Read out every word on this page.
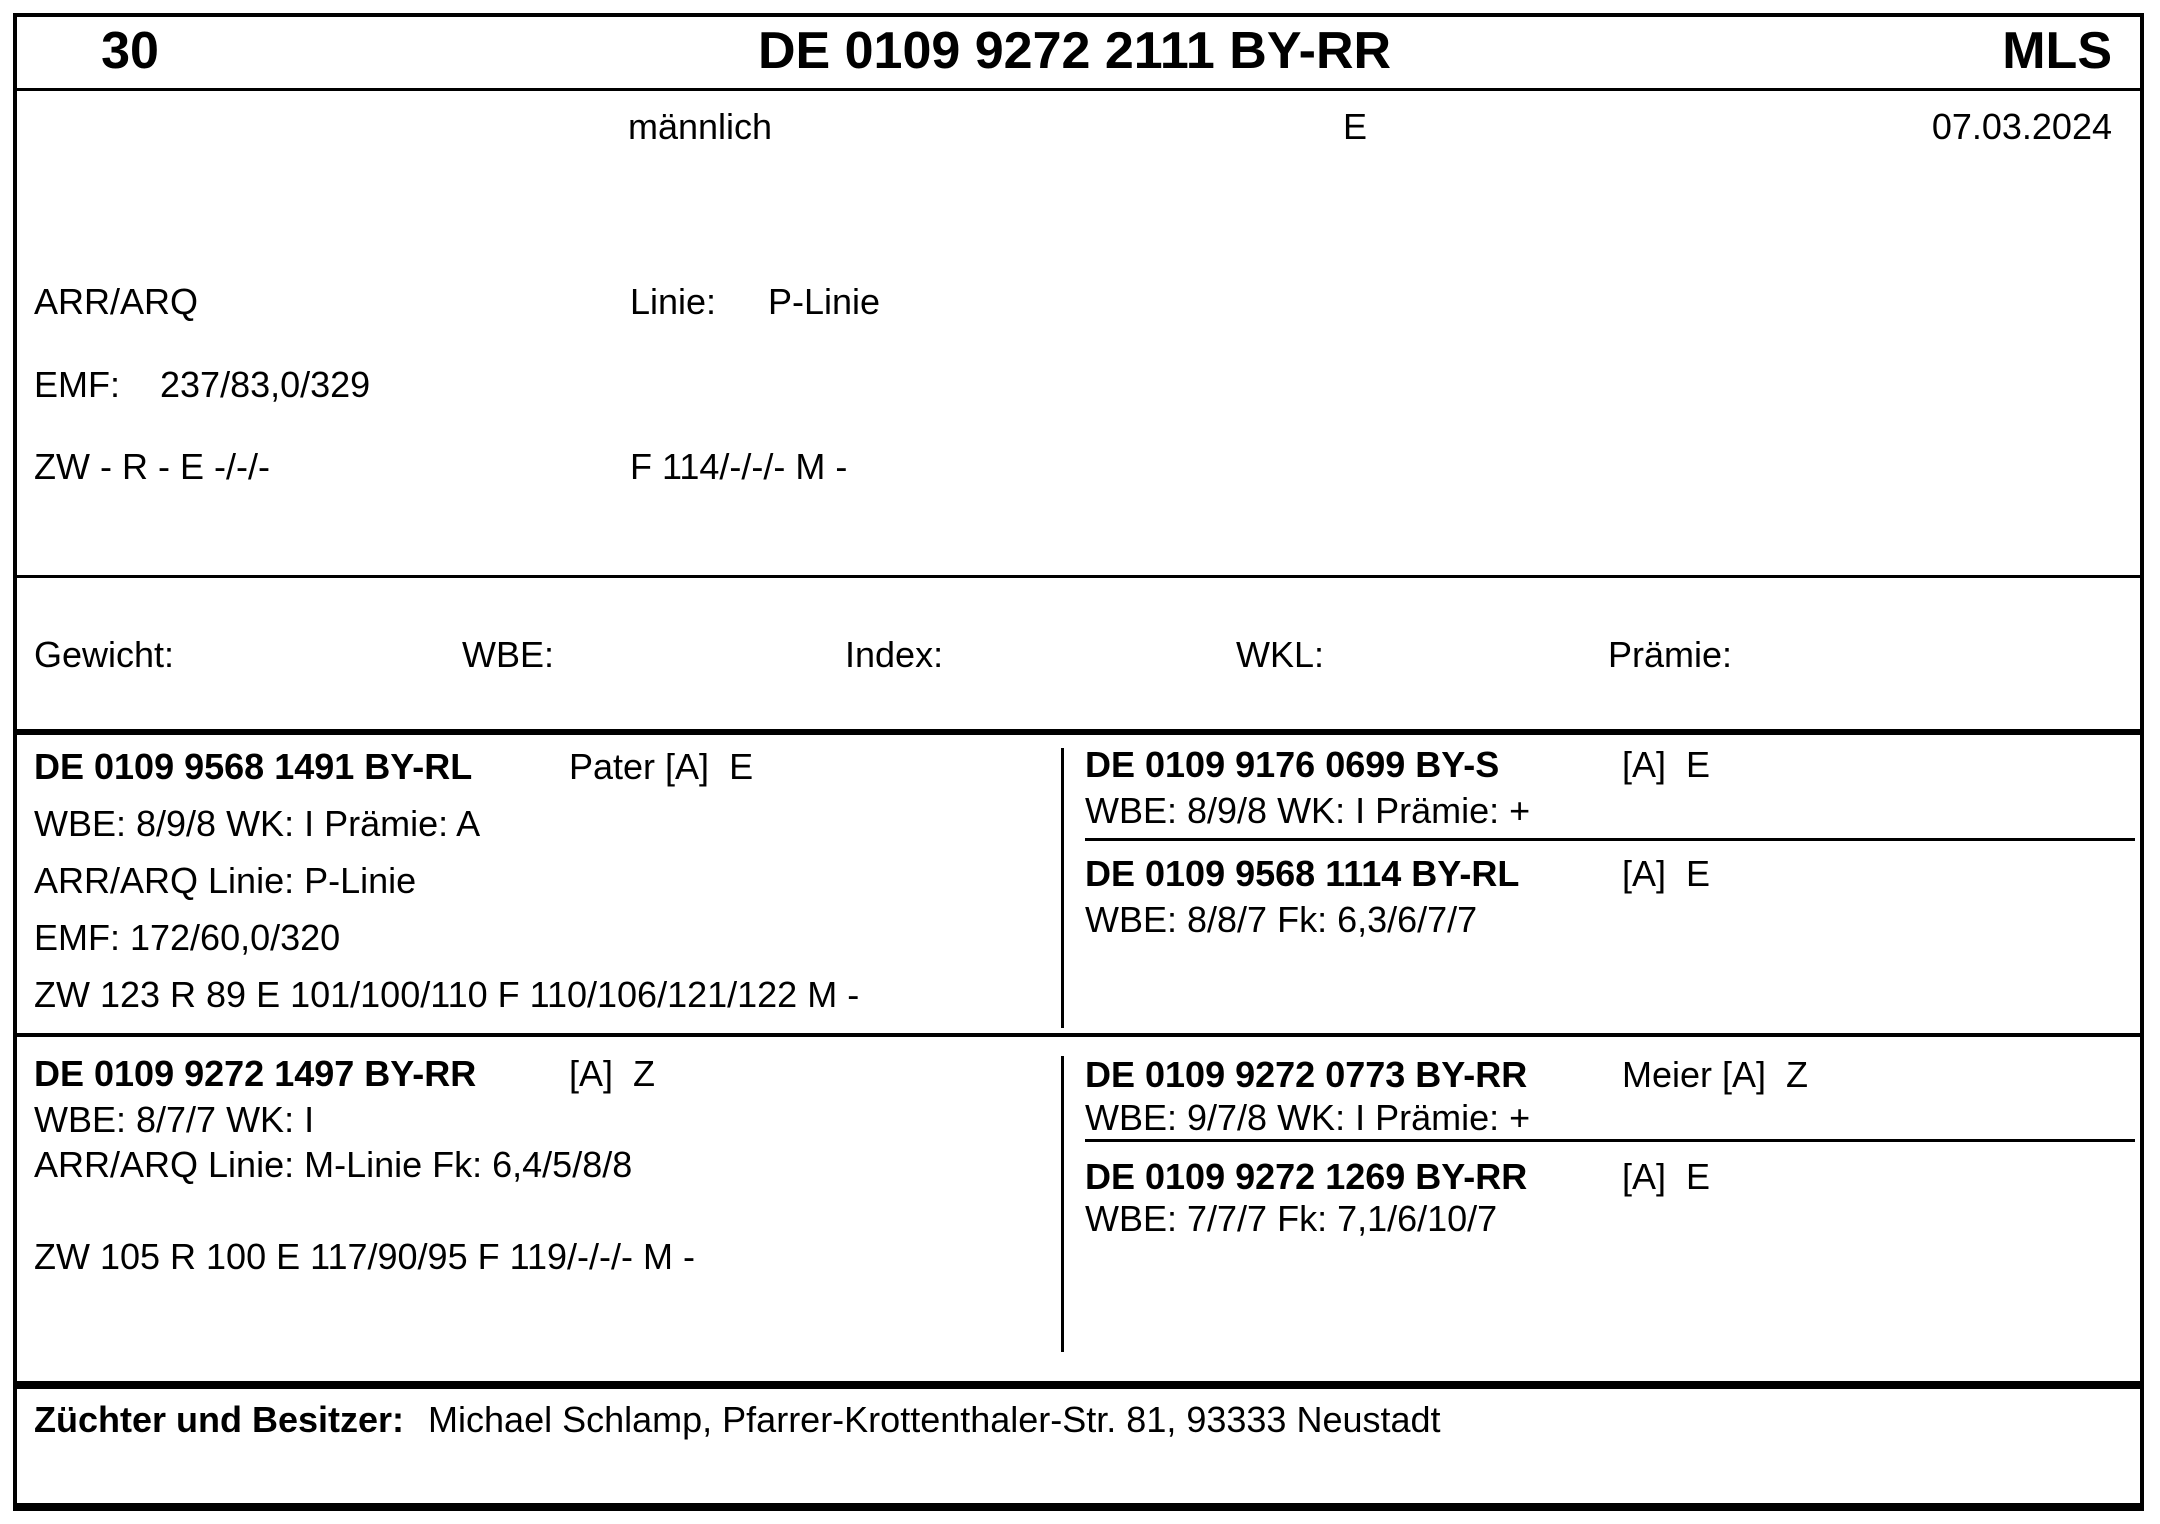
30	DE 0109 9272 2111 BY-RR	MLS
männlich	E	07.03.2024
ARR/ARQ	Linie: P-Linie
EMF: 237/83,0/329
ZW - R - E -/-/-	F 114/-/-/- M -
Gewicht:	WBE:	Index:	WKL:	Prämie:
DE 0109 9568 1491 BY-RL	Pater [A]  E
WBE: 8/9/8 WK: I Prämie: A
ARR/ARQ Linie: P-Linie
EMF: 172/60,0/320
ZW 123 R 89 E 101/100/110 F 110/106/121/122 M -
DE 0109 9176 0699 BY-S	[A]  E
WBE: 8/9/8 WK: I Prämie: +
DE 0109 9568 1114 BY-RL	[A]  E
WBE: 8/8/7 Fk: 6,3/6/7/7
DE 0109 9272 1497 BY-RR	[A]  Z
WBE: 8/7/7 WK: I
ARR/ARQ Linie: M-Linie Fk: 6,4/5/8/8
ZW 105 R 100 E 117/90/95 F 119/-/-/- M -
DE 0109 9272 0773 BY-RR	Meier [A]  Z
WBE: 9/7/8 WK: I Prämie: +
DE 0109 9272 1269 BY-RR	[A]  E
WBE: 7/7/7 Fk: 7,1/6/10/7
Züchter und Besitzer: Michael Schlamp, Pfarrer-Krottenthaler-Str. 81, 93333 Neustadt
